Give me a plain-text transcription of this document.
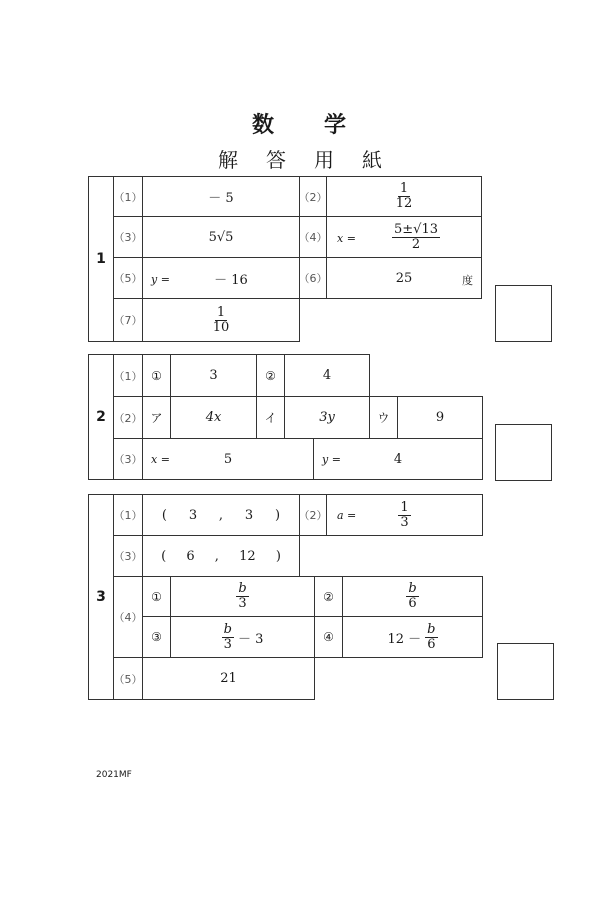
数 学
解 答 用 紙
1
（1）	－ 5	（2）	$\frac{1}{12}$
（3）	5√5	（4） x =	$\frac{5\pm√13}{2}$
（5） y =	－ 16	（6）	25	度
（7）	$\frac{1}{10}$
2
（1） ①	3	②	4
（2） ア	4x	イ	3y	ウ	9
（3） x =	5	y =	4
3
（1） ( 3 , 3 ) （2） a =	$\frac{1}{3}$
（3） ( 6 , 12 )
（4）
①	$\frac{b}{3}$	②	$\frac{b}{6}$
③	$\frac{b}{3} - 3$	④	$12 - \frac{b}{6}$
（5）	21
2021MF
